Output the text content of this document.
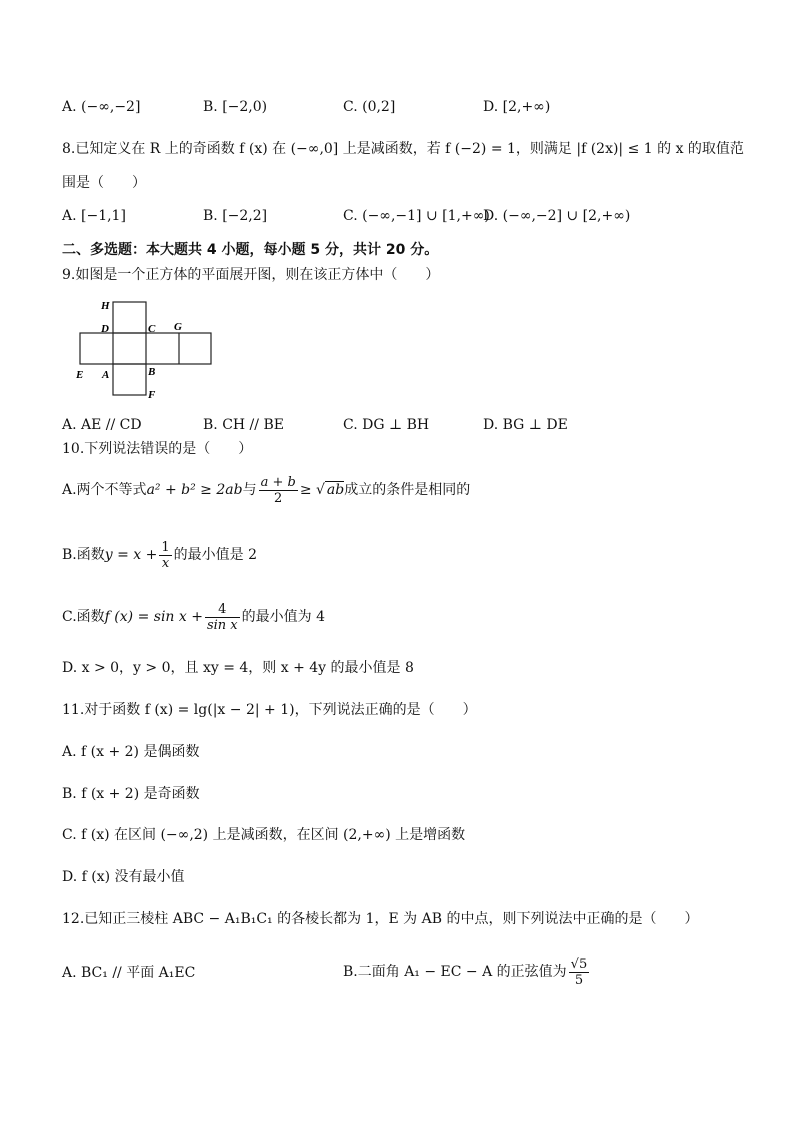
A. (−∞,−2]	B. [−2,0)	C. (0,2]	D. [2,+∞)
8.已知定义在 R 上的奇函数 f (x) 在 (−∞,0] 上是减函数，若 f (−2) = 1，则满足 |f (2x)| ≤ 1 的 x 的取值范
围是（　　）
A. [−1,1]	B. [−2,2]	C. (−∞,−1] ∪ [1,+∞)
D. (−∞,−2] ∪ [2,+∞)
二、多选题：本大题共 4 小题，每小题 5 分，共计 20 分。
9.如图是一个正方体的平面展开图，则在该正方体中（　　）
H
D	C G
E A	B
F
A. AE // CD	B. CH // BE	C. DG ⊥ BH	D. BG ⊥ DE
10.下列说法错误的是（　　）
A.两个不等式a² + b² ≥ 2ab与 $\frac{a + b}{2}$ ≥ √ ab成立的条件是相同的
B.函数$y = x + \frac{1}{x}$ 的最小值是 2
C.函数f $(x) = \sin x + \frac{4}{\text{sin x}}$ 的最小值为 4
D. x > 0，y > 0，且 xy = 4，则 x + 4y 的最小值是 8
11.对于函数 f (x) = lg(|x − 2| + 1)，下列说法正确的是（　　）
A. f (x + 2) 是偶函数
B. f (x + 2) 是奇函数
C. f (x) 在区间 (−∞,2) 上是减函数，在区间 (2,+∞) 上是增函数
D. f (x) 没有最小值
12.已知正三棱柱 ABC − A₁B₁C₁ 的各棱长都为 1，E 为 AB 的中点，则下列说法中正确的是（　　）
A. BC₁ // 平面 A₁EC	B.二面角 A₁ − EC − A 的正弦值为 $\frac{√5}{5}$
